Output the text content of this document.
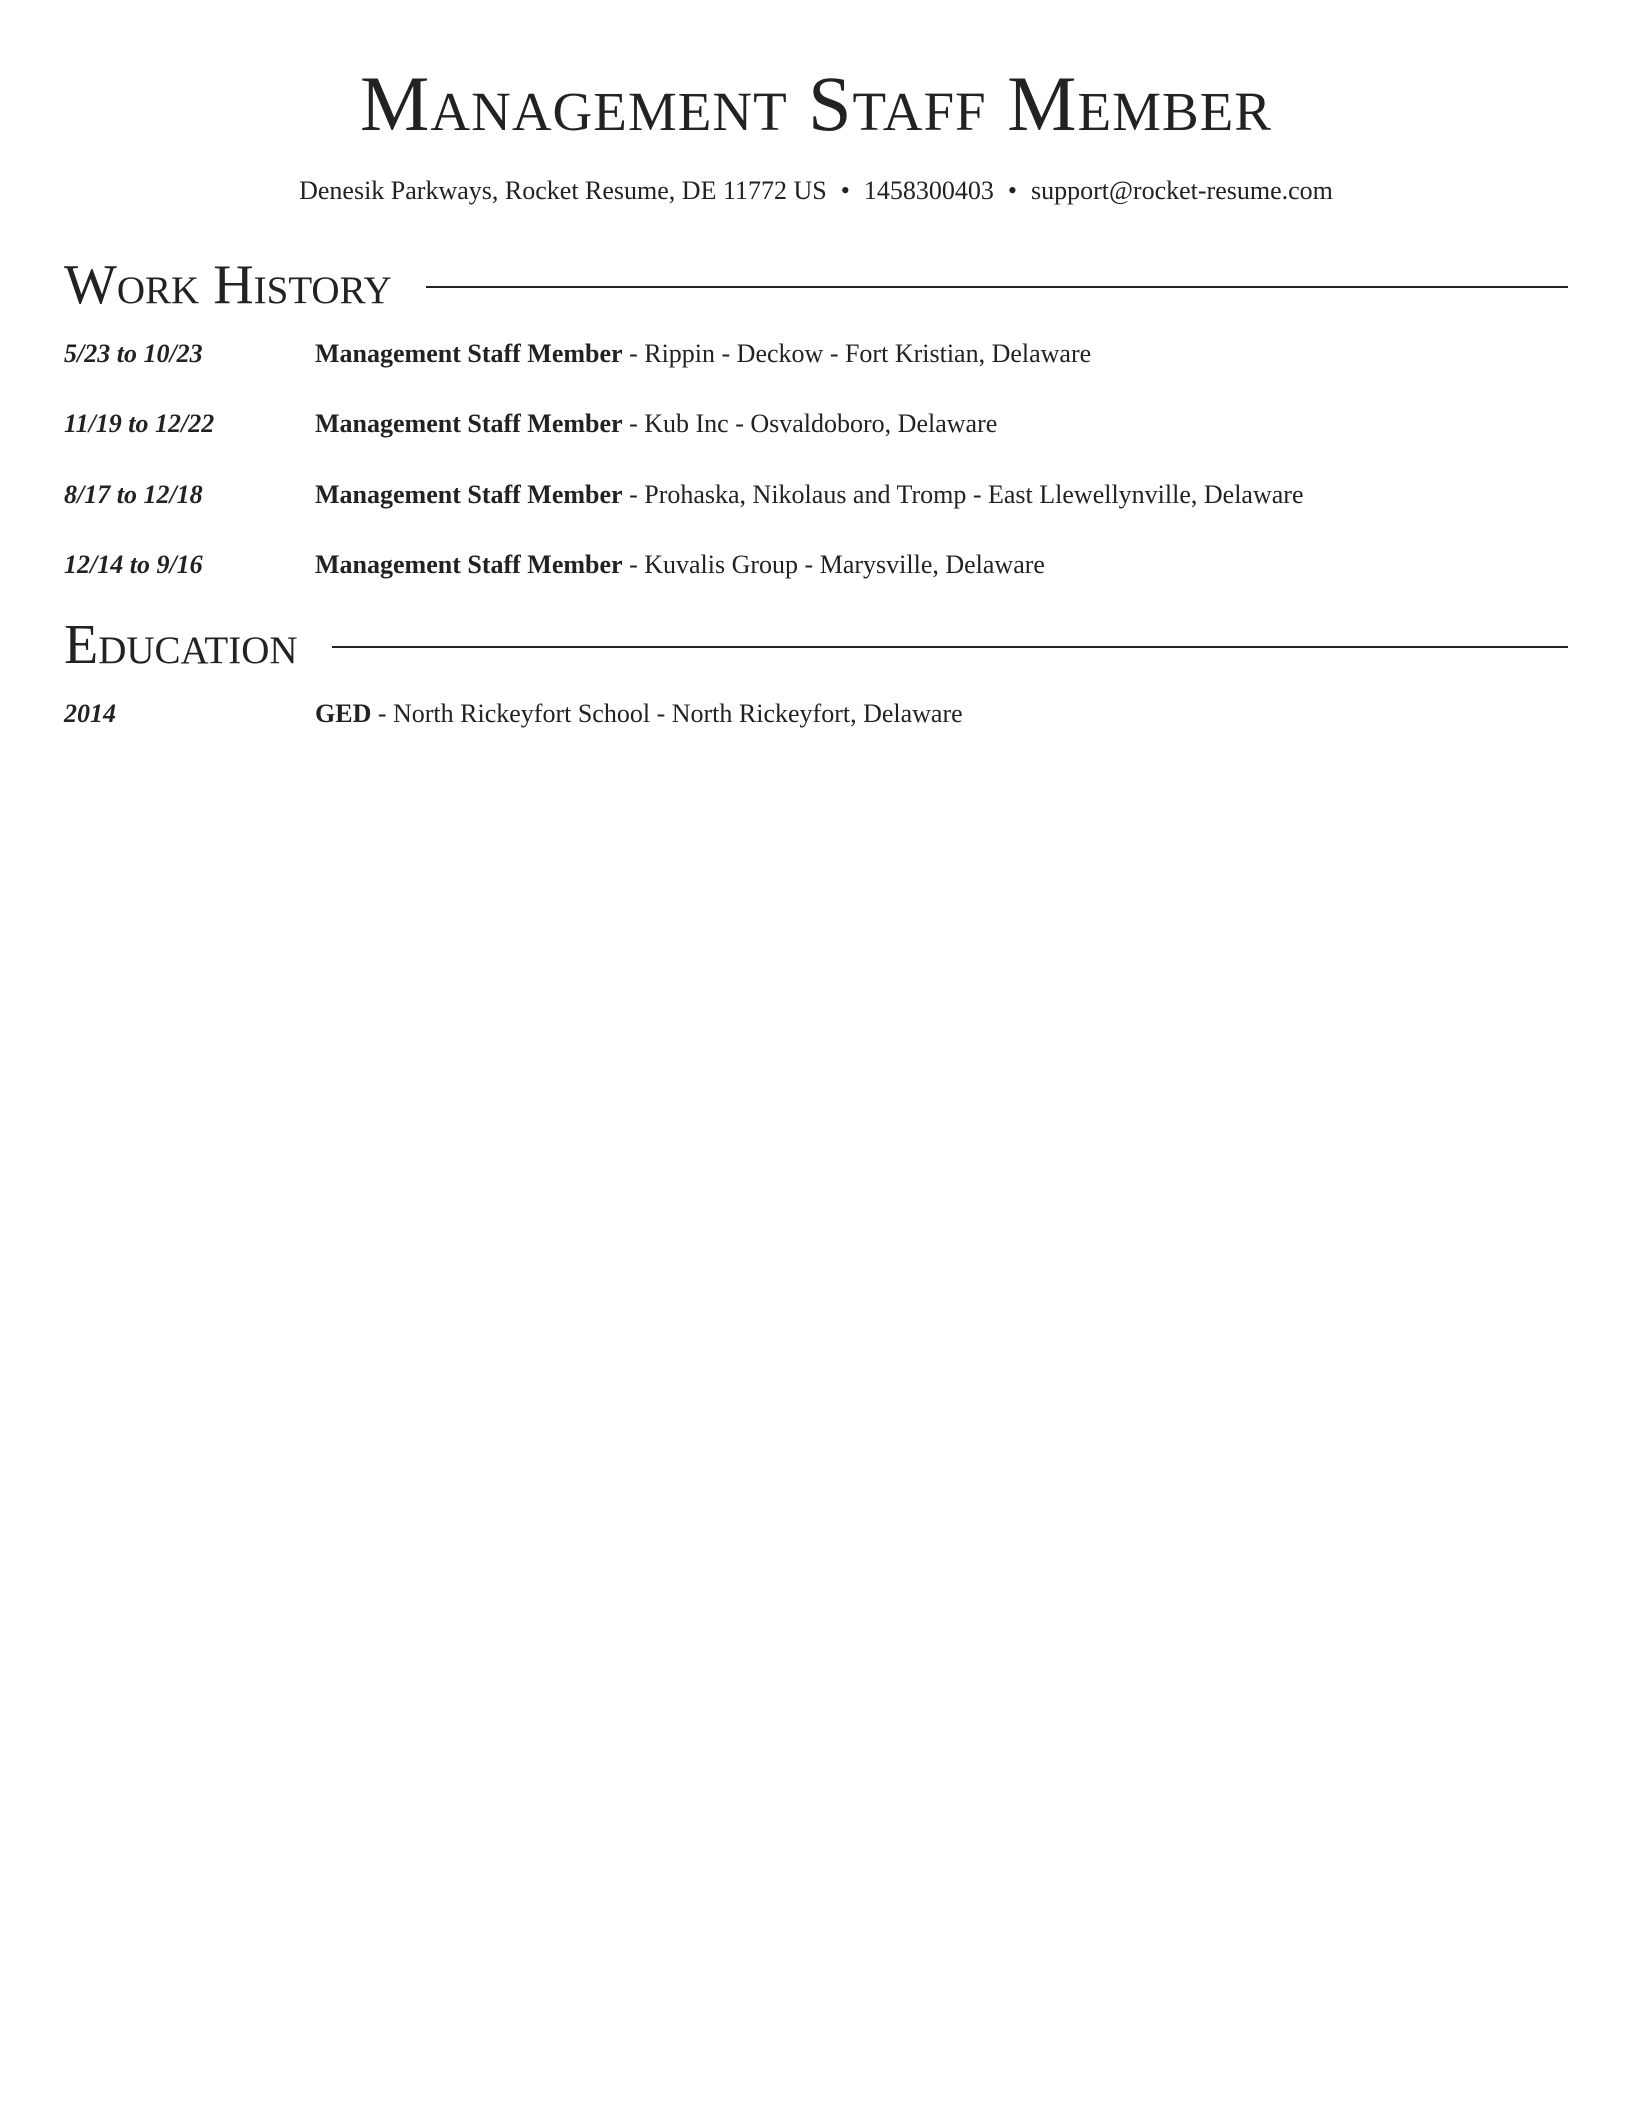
Management Staff Member
Denesik Parkways, Rocket Resume, DE 11772 US • 1458300403 • support@rocket-resume.com
Work History
5/23 to 10/23	Management Staff Member - Rippin - Deckow - Fort Kristian, Delaware
11/19 to 12/22	Management Staff Member - Kub Inc - Osvaldoboro, Delaware
8/17 to 12/18	Management Staff Member - Prohaska, Nikolaus and Tromp - East Llewellynville, Delaware
12/14 to 9/16	Management Staff Member - Kuvalis Group - Marysville, Delaware
Education
2014	GED - North Rickeyfort School - North Rickeyfort, Delaware
